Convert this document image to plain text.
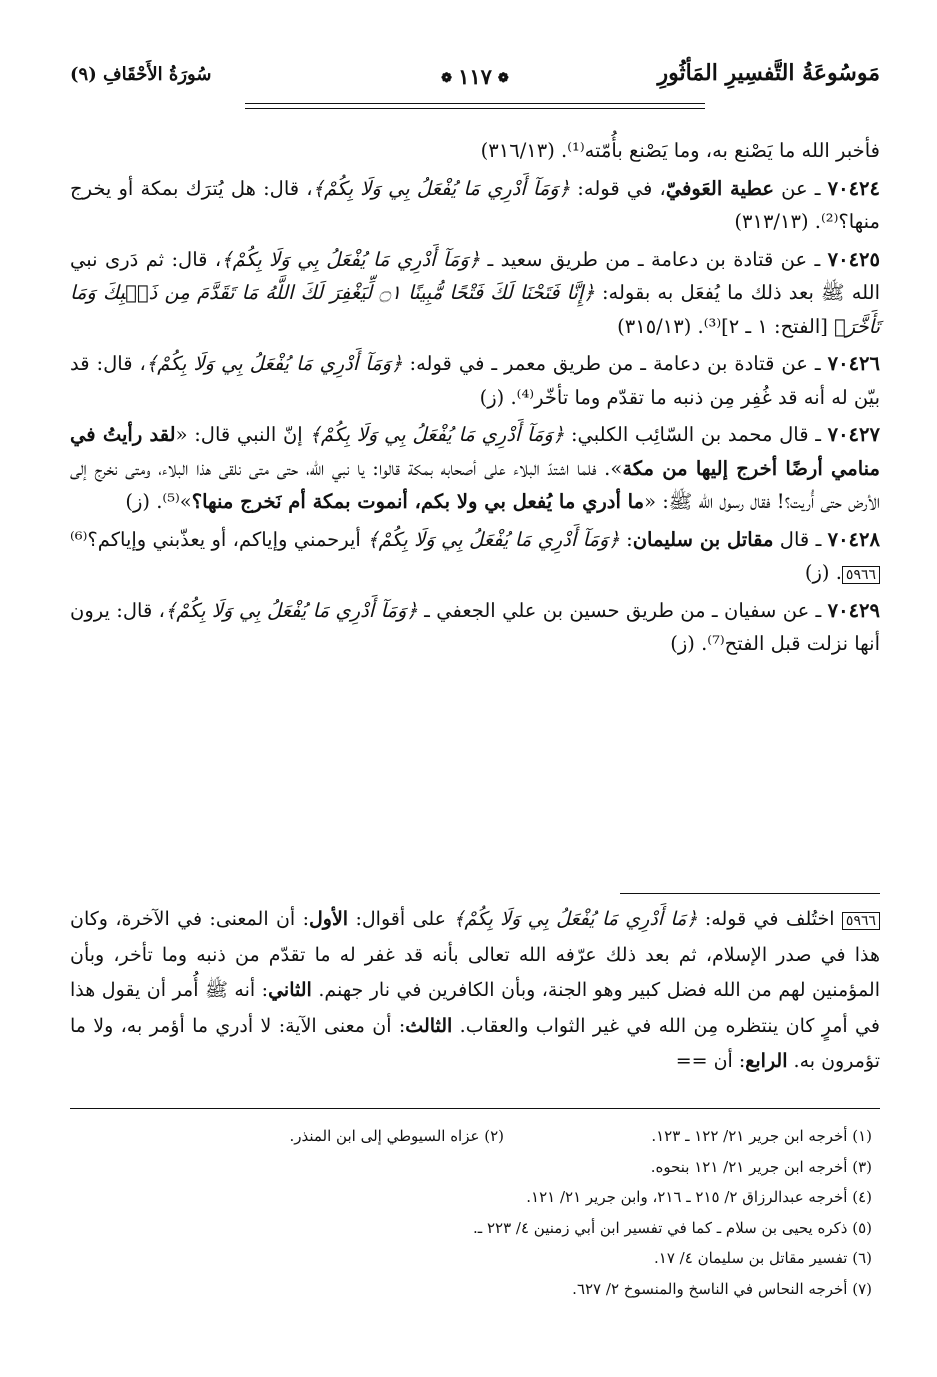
مَوسُوعَةُ التَّفسِيرِ المَأثُورِ
❁ ١١٧ ❁
سُورَةُ الأَحْقَافِ (٩)

فأخبر الله ما يَصْنع به، وما يَصْنع بأُمّته⁽¹⁾. (٣١٦/١٣)

٧٠٤٢٤ ـ عن عطية العَوفيّ، في قوله: ﴿وَمَآ أَدْرِي مَا يُفْعَلُ بِي وَلَا بِكُمْ﴾، قال: هل يُترَك بمكة أو يخرج منها؟⁽²⁾. (٣١٣/١٣)

٧٠٤٢٥ ـ عن قتادة بن دعامة ـ من طريق سعيد ـ ﴿وَمَآ أَدْرِي مَا يُفْعَلُ بِي وَلَا بِكُمْ﴾، قال: ثم دَرى نبي الله ﷺ بعد ذلك ما يُفعَل به بقوله: ﴿إِنَّا فَتَحْنَا لَكَ فَتْحًا مُّبِينًا ۝١ لِّيَغْفِرَ لَكَ اللَّهُ مَا تَقَدَّمَ مِن ذَنۢبِكَ وَمَا تَأَخَّرَ﴾ [الفتح: ١ ـ ٢]⁽³⁾. (٣١٥/١٣)

٧٠٤٢٦ ـ عن قتادة بن دعامة ـ من طريق معمر ـ في قوله: ﴿وَمَآ أَدْرِي مَا يُفْعَلُ بِي وَلَا بِكُمْ﴾، قال: قد بيّن له أنه قد غُفِر مِن ذنبه ما تقدّم وما تأخّر⁽⁴⁾. (ز)

٧٠٤٢٧ ـ قال محمد بن السّائِب الكلبي: ﴿وَمَآ أَدْرِي مَا يُفْعَلُ بِي وَلَا بِكُمْ﴾ إنّ النبي قال: «لقد رأيتُ في منامي أرضًا أخرج إليها من مكة». فلما اشتدّ البلاء على أصحابه بمكة قالوا: يا نبي الله، حتى متى نلقى هذا البلاء، ومتى نخرج إلى الأرض حتى أُريت؟! فقال رسول الله ﷺ: «ما أدري ما يُفعل بي ولا بكم، أنموت بمكة أم نَخرج منها؟»⁽⁵⁾. (ز)

٧٠٤٢٨ ـ قال مقاتل بن سليمان: ﴿وَمَآ أَدْرِي مَا يُفْعَلُ بِي وَلَا بِكُمْ﴾ أيرحمني وإياكم، أو يعذّبني وإياكم؟⁽⁶⁾٥٩٦٦. (ز)

٧٠٤٢٩ ـ عن سفيان ـ من طريق حسين بن علي الجعفي ـ ﴿وَمَآ أَدْرِي مَا يُفْعَلُ بِي وَلَا بِكُمْ﴾، قال: يرون أنها نزلت قبل الفتح⁽⁷⁾. (ز)

٥٩٦٦ اختُلف في قوله: ﴿مَا أَدْرِي مَا يُفْعَلُ بِي وَلَا بِكُمْ﴾ على أقوال: الأول: أن المعنى: في الآخرة، وكان هذا في صدر الإسلام، ثم بعد ذلك عرّفه الله تعالى بأنه قد غفر له ما تقدّم من ذنبه وما تأخر، وبأن المؤمنين لهم من الله فضل كبير وهو الجنة، وبأن الكافرين في نار جهنم. الثاني: أنه ﷺ أُمر أن يقول هذا في أمرٍ كان ينتظره مِن الله في غير الثواب والعقاب. الثالث: أن معنى الآية: لا أدري ما أؤمر به، ولا ما تؤمرون به. الرابع: أن ==
(١) أخرجه ابن جرير ٢١/ ١٢٢ ـ ١٢٣.
(٢) عزاه السيوطي إلى ابن المنذر.
(٣) أخرجه ابن جرير ٢١/ ١٢١ بنحوه.
(٤) أخرجه عبدالرزاق ٢/ ٢١٥ ـ ٢١٦، وابن جرير ٢١/ ١٢١.
(٥) ذكره يحيى بن سلام ـ كما في تفسير ابن أبي زمنين ٤/ ٢٢٣ ـ.
(٦) تفسير مقاتل بن سليمان ٤/ ١٧.
(٧) أخرجه النحاس في الناسخ والمنسوخ ٢/ ٦٢٧.
